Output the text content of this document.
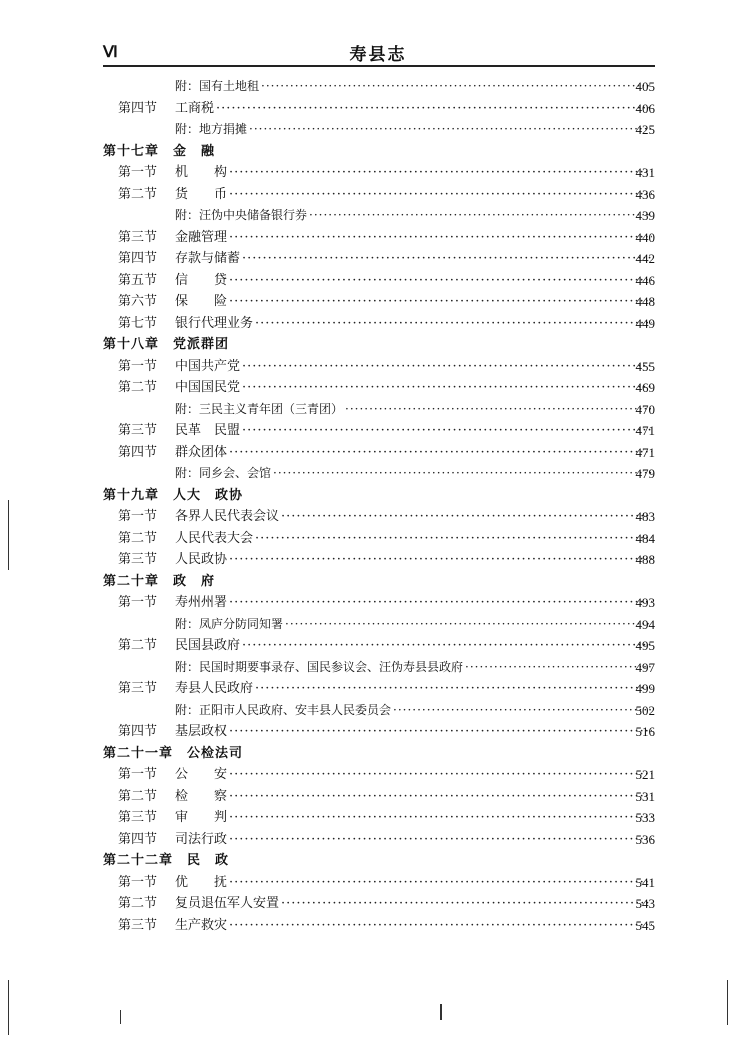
Ⅵ	寿县志
附：国有土地租 ·····	405
第四节 工商税 ·····	406
附：地方捐摊 ·····	425
第十七章　 金　融
第一节 机　　构 ·····	431
第二节 货　　币 ·····	436
附：汪伪中央储备银行券 ·····	439
第三节 金融管理 ·····	440
第四节 存款与储蓄 ·····	442
第五节 信　　贷 ·····	446
第六节 保　　险 ·····	448
第七节 银行代理业务 ·····	449
第十八章　 党派群团
第一节 中国共产党 ·····	455
第二节 中国国民党 ·····	469
附：三民主义青年团（三青团） ·····	470
第三节 民革　民盟 ·····	471
第四节 群众团体 ·····	471
附：同乡会、会馆 ·····	479
第十九章　 人大　政协
第一节 各界人民代表会议 ·····	483
第二节 人民代表大会 ·····	484
第三节 人民政协 ·····	488
第二十章　 政　府
第一节 寿州州署 ·····	493
附：凤庐分防同知署 ·····	494
第二节 民国县政府 ·····	495
附：民国时期要事录存、国民参议会、汪伪寿县县政府 ·····	497
第三节 寿县人民政府 ·····	499
附：正阳市人民政府、安丰县人民委员会 ·····	502
第四节 基层政权 ·····	516
第二十一章　 公检法司
第一节 公　　安 ·····	521
第二节 检　　察 ·····	531
第三节 审　　判 ·····	533
第四节 司法行政 ·····	536
第二十二章　 民　政
第一节 优　　抚 ·····	541
第二节 复员退伍军人安置 ·····	543
第三节 生产救灾 ·····	545
